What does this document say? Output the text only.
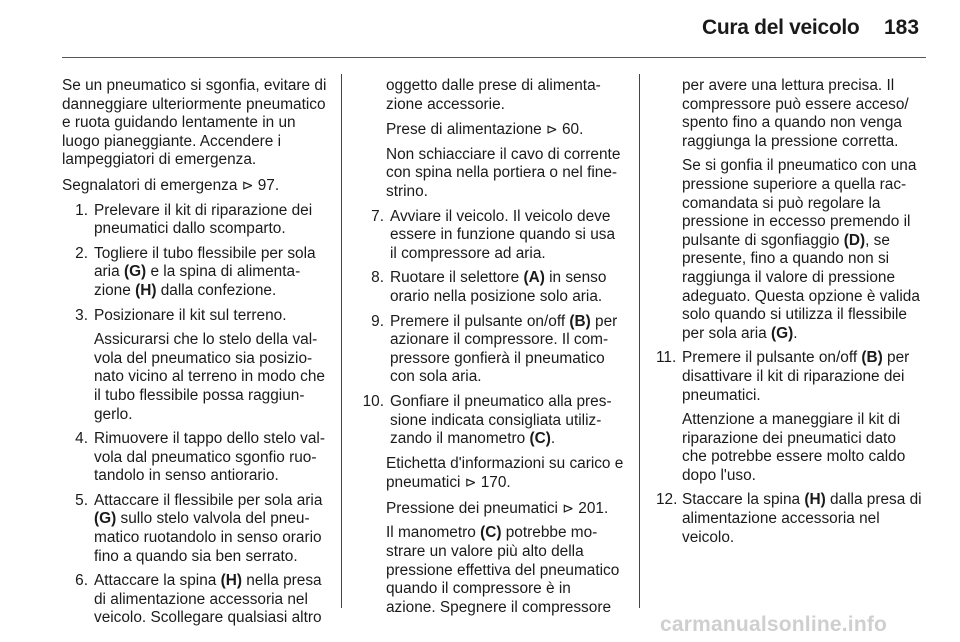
Cura del veicolo 183

Se un pneumatico si sgonfia, evitare di danneggiare ulteriormente pneumatico e ruota guidando lentamente in un luogo pianeggiante. Accendere i lampeggiatori di emergenza.

Segnalatori di emergenza ⊳ 97.

1. Prelevare il kit di riparazione dei pneumatici dallo scomparto.
2. Togliere il tubo flessibile per sola aria (G) e la spina di alimentazione (H) dalla confezione.
3. Posizionare il kit sul terreno.

Assicurarsi che lo stelo della valvola del pneumatico sia posizionato vicino al terreno in modo che il tubo flessibile possa raggiungerlo.

4. Rimuovere il tappo dello stelo valvola dal pneumatico sgonfio ruotandolo in senso antiorario.
5. Attaccare il flessibile per sola aria (G) sullo stelo valvola del pneumatico ruotandolo in senso orario fino a quando sia ben serrato.
6. Attaccare la spina (H) nella presa di alimentazione accessoria nel veicolo. Scollegare qualsiasi altro

oggetto dalle prese di alimentazione accessorie.

Prese di alimentazione ⊳ 60.

Non schiacciare il cavo di corrente con spina nella portiera o nel finestrino.

7. Avviare il veicolo. Il veicolo deve essere in funzione quando si usa il compressore ad aria.
8. Ruotare il selettore (A) in senso orario nella posizione solo aria.
9. Premere il pulsante on/off (B) per azionare il compressore. Il compressore gonfierà il pneumatico con sola aria.
10. Gonfiare il pneumatico alla pressione indicata consigliata utilizzando il manometro (C).

Etichetta d'informazioni su carico e pneumatici ⊳ 170.

Pressione dei pneumatici ⊳ 201.

Il manometro (C) potrebbe mostrare un valore più alto della pressione effettiva del pneumatico quando il compressore è in azione. Spegnere il compressore

per avere una lettura precisa. Il compressore può essere acceso/ spento fino a quando non venga raggiunga la pressione corretta.

Se si gonfia il pneumatico con una pressione superiore a quella raccomandata si può regolare la pressione in eccesso premendo il pulsante di sgonfiaggio (D), se presente, fino a quando non si raggiunga il valore di pressione adeguato. Questa opzione è valida solo quando si utilizza il flessibile per sola aria (G).

11. Premere il pulsante on/off (B) per disattivare il kit di riparazione dei pneumatici.

Attenzione a maneggiare il kit di riparazione dei pneumatici dato che potrebbe essere molto caldo dopo l'uso.

12. Staccare la spina (H) dalla presa di alimentazione accessoria nel veicolo.
carmanualsonline.info
